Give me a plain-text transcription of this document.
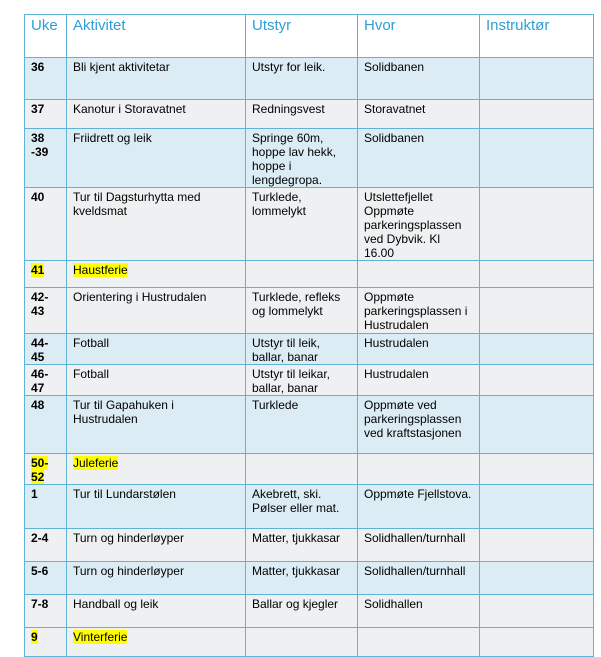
Uke	Aktivitet	Utstyr	Hvor	Instruktør
36	Bli kjent aktivitetar	Utstyr for leik.	Solidbanen	
37	Kanotur i Storavatnet	Redningsvest	Storavatnet	
38 -39	Friidrett og leik	Springe 60m, hoppe lav hekk, hoppe i lengdegropa.	Solidbanen	
40	Tur til Dagsturhytta med kveldsmat	Turklede, lommelykt	Utslettefjellet Oppmøte parkeringsplassen ved Dybvik. Kl 16.00	
41	Haustferie			
42- 43	Orientering i Hustrudalen	Turklede, refleks og lommelykt	Oppmøte parkeringsplassen i Hustrudalen	
44- 45	Fotball	Utstyr til leik, ballar, banar	Hustrudalen	
46- 47	Fotball	Utstyr til leikar, ballar, banar	Hustrudalen	
48	Tur til Gapahuken i Hustrudalen	Turklede	Oppmøte ved parkeringsplassen ved kraftstasjonen	
50- 52	Juleferie			
1	Tur til Lundarstølen	Akebrett, ski. Pølser eller mat.	Oppmøte Fjellstova.	
2-4	Turn og hinderløyper	Matter, tjukkasar	Solidhallen/turnhall	
5-6	Turn og hinderløyper	Matter, tjukkasar	Solidhallen/turnhall	
7-8	Handball og leik	Ballar og kjegler	Solidhallen	
9	Vinterferie			
